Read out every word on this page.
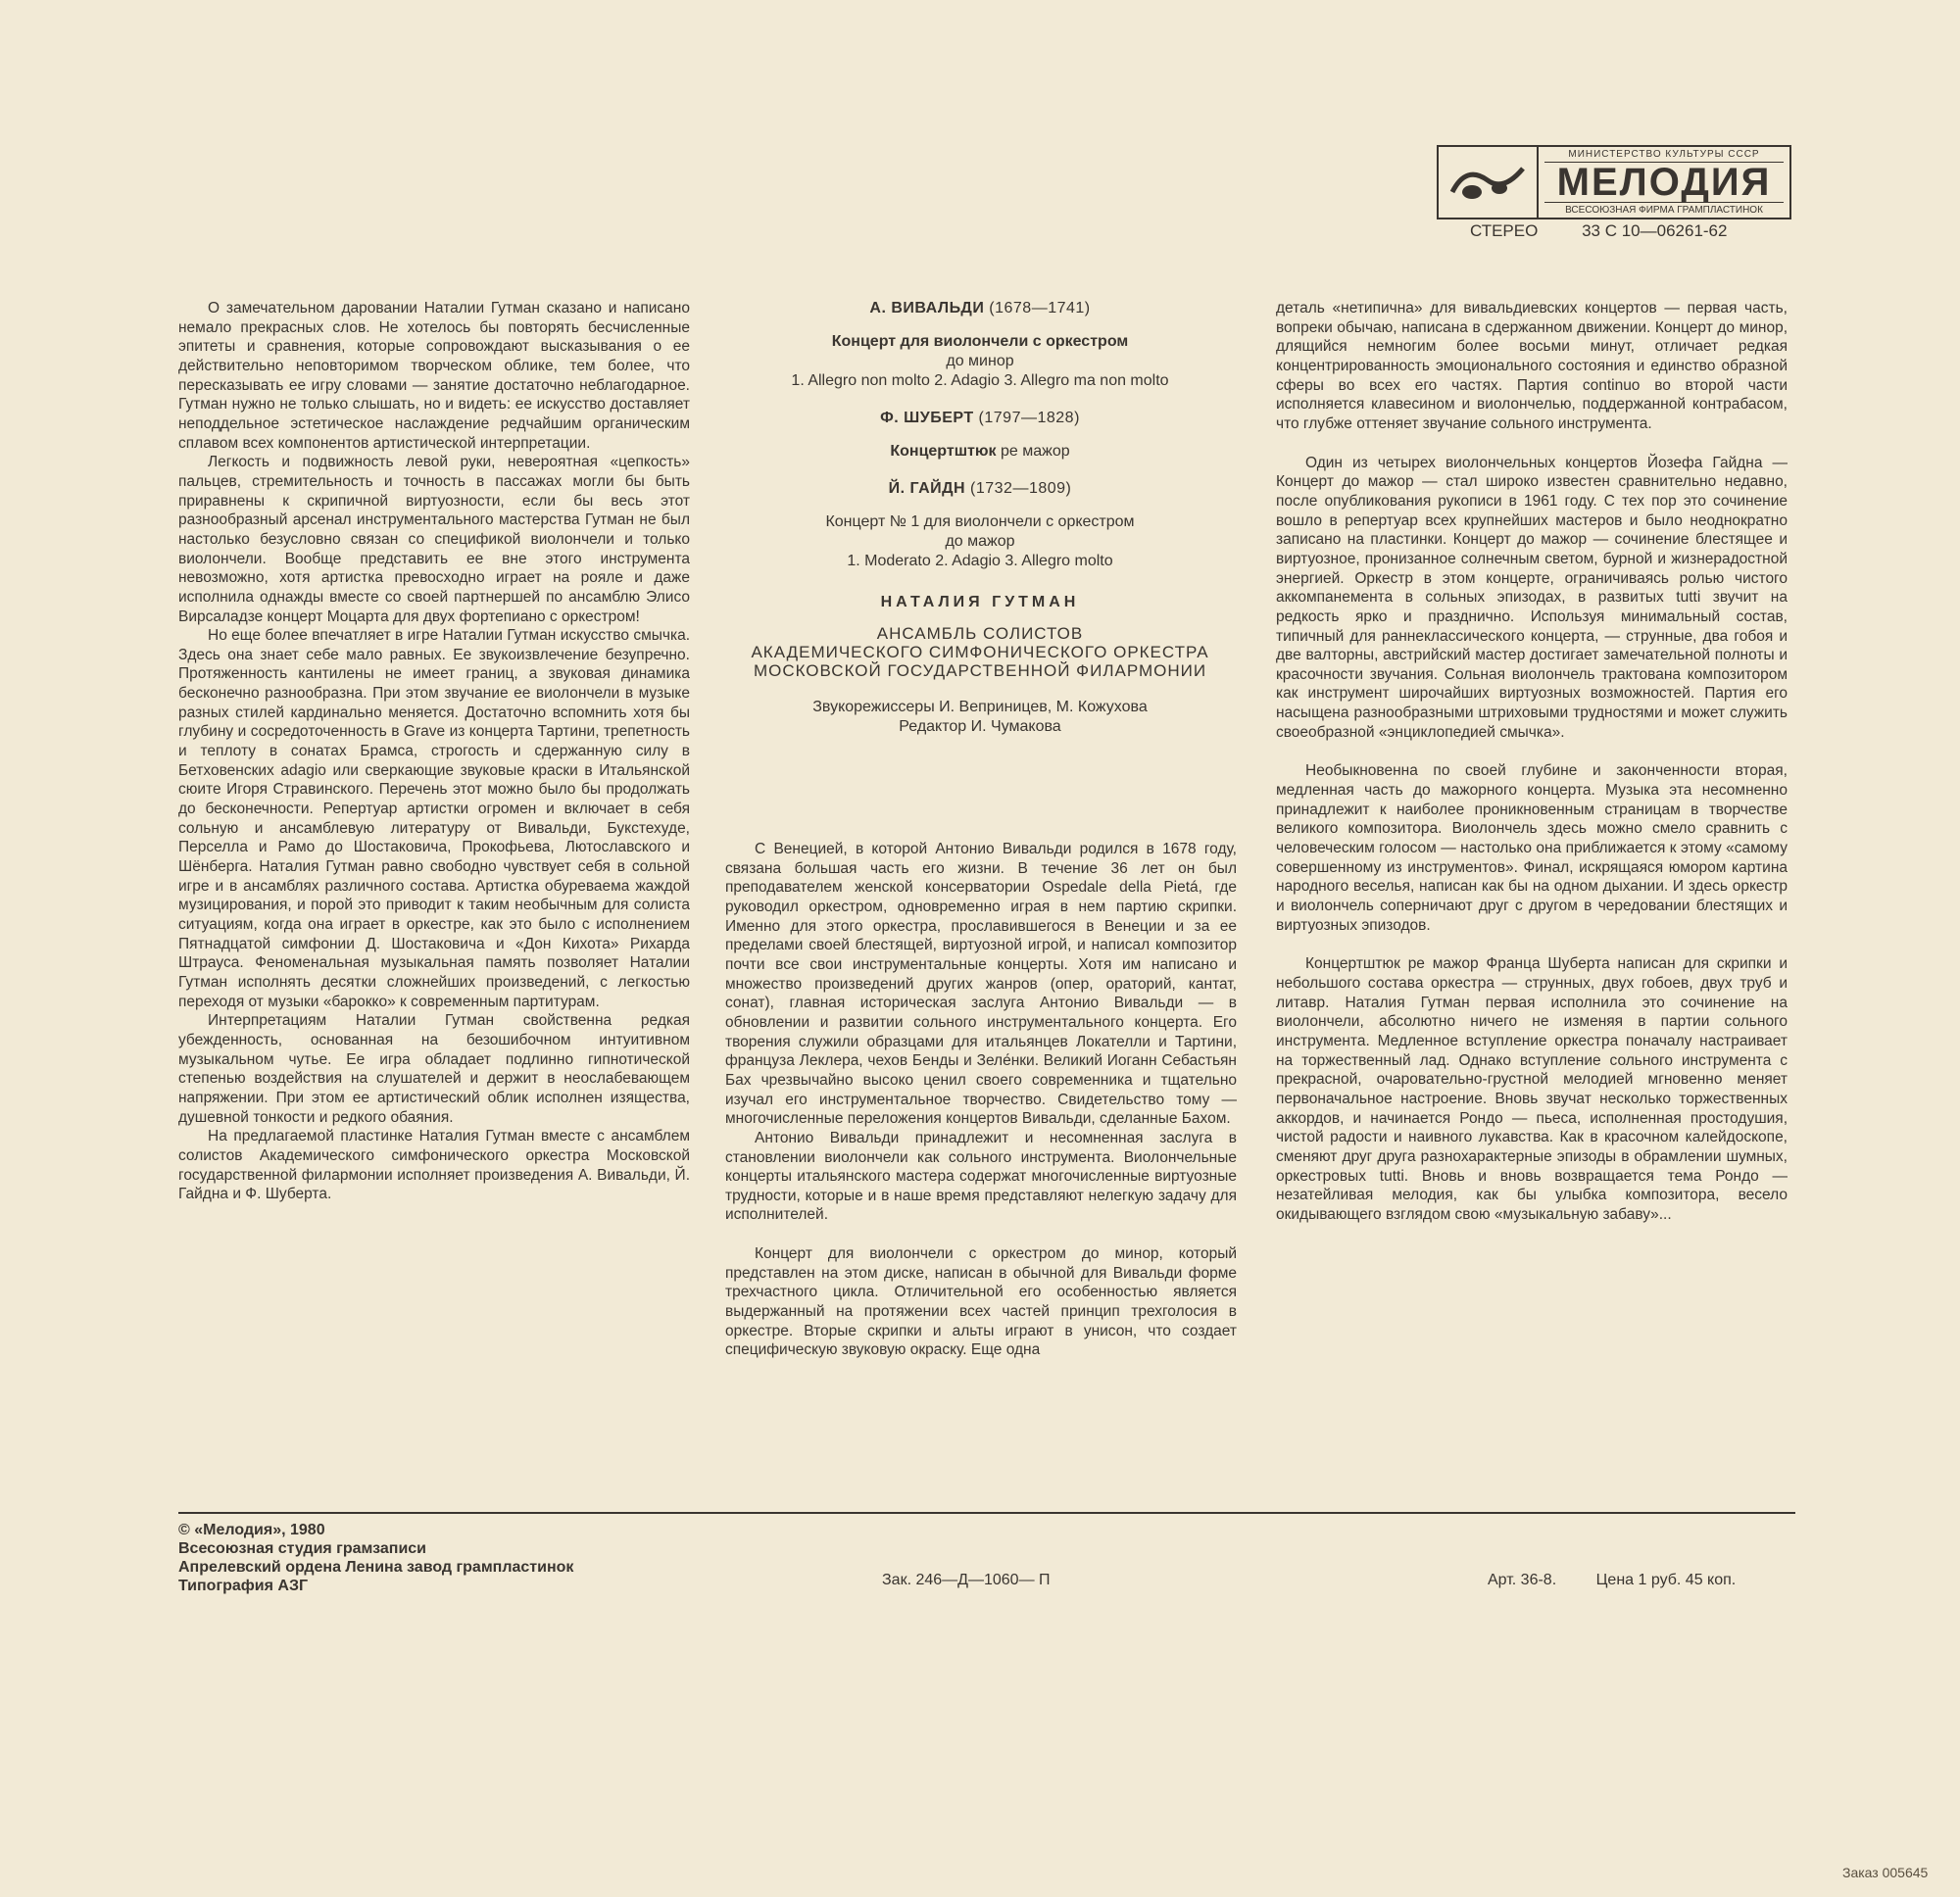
МИНИСТЕРСТВО КУЛЬТУРЫ СССР
МЕЛОДИЯ
ВСЕСОЮЗНАЯ ФИРМА ГРАМПЛАСТИНОК
СТЕРЕО	33 С 10—06261-62

О замечательном даровании Наталии Гутман сказано и написано немало прекрасных слов. Не хотелось бы повторять бесчисленные эпитеты и сравнения, которые сопровождают высказывания о ее действительно неповторимом творческом облике, тем более, что пересказывать ее игру словами — занятие достаточно неблагодарное. Гутман нужно не только слышать, но и видеть: ее искусство доставляет неподдельное эстетическое наслаждение редчайшим органическим сплавом всех компонентов артистической интерпретации.

Легкость и подвижность левой руки, невероятная «цепкость» пальцев, стремительность и точность в пассажах могли бы быть приравнены к скрипичной виртуозности, если бы весь этот разнообразный арсенал инструментального мастерства Гутман не был настолько безусловно связан со спецификой виолончели и только виолончели. Вообще представить ее вне этого инструмента невозможно, хотя артистка превосходно играет на рояле и даже исполнила однажды вместе со своей партнершей по ансамблю Элисо Вирсаладзе концерт Моцарта для двух фортепиано с оркестром!

Но еще более впечатляет в игре Наталии Гутман искусство смычка. Здесь она знает себе мало равных. Ее звукоизвлечение безупречно. Протяженность кантилены не имеет границ, а звуковая динамика бесконечно разнообразна. При этом звучание ее виолончели в музыке разных стилей кардинально меняется. Достаточно вспомнить хотя бы глубину и сосредоточенность в Grave из концерта Тартини, трепетность и теплоту в сонатах Брамса, строгость и сдержанную силу в Бетховенских adagio или сверкающие звуковые краски в Итальянской сюите Игоря Стравинского. Перечень этот можно было бы продолжать до бесконечности. Репертуар артистки огромен и включает в себя сольную и ансамблевую литературу от Вивальди, Букстехуде, Перселла и Рамо до Шостаковича, Прокофьева, Лютославского и Шёнберга. Наталия Гутман равно свободно чувствует себя в сольной игре и в ансамблях различного состава. Артистка обуреваема жаждой музицирования, и порой это приводит к таким необычным для солиста ситуациям, когда она играет в оркестре, как это было с исполнением Пятнадцатой симфонии Д. Шостаковича и «Дон Кихота» Рихарда Штрауса. Феноменальная музыкальная память позволяет Наталии Гутман исполнять десятки сложнейших произведений, с легкостью переходя от музыки «барокко» к современным партитурам.

Интерпретациям Наталии Гутман свойственна редкая убежденность, основанная на безошибочном интуитивном музыкальном чутье. Ее игра обладает подлинно гипнотической степенью воздействия на слушателей и держит в неослабевающем напряжении. При этом ее артистический облик исполнен изящества, душевной тонкости и редкого обаяния.

На предлагаемой пластинке Наталия Гутман вместе с ансамблем солистов Академического симфонического оркестра Московской государственной филармонии исполняет произведения А. Вивальди, Й. Гайдна и Ф. Шуберта.

А. ВИВАЛЬДИ (1678—1741)
Концерт для виолончели с оркестром
до минор
1. Allegro non molto 2. Adagio 3. Allegro ma non molto
Ф. ШУБЕРТ (1797—1828)
Концертштюк ре мажор
Й. ГАЙДН (1732—1809)
Концерт № 1 для виолончели с оркестром
до мажор
1. Moderato 2. Adagio 3. Allegro molto
НАТАЛИЯ ГУТМАН
АНСАМБЛЬ СОЛИСТОВ
АКАДЕМИЧЕСКОГО СИМФОНИЧЕСКОГО ОРКЕСТРА
МОСКОВСКОЙ ГОСУДАРСТВЕННОЙ ФИЛАРМОНИИ
Звукорежиссеры И. Веприницев, М. Кожухова
Редактор И. Чумакова

С Венецией, в которой Антонио Вивальди родился в 1678 году, связана большая часть его жизни. В течение 36 лет он был преподавателем женской консерватории Ospedale della Pietá, где руководил оркестром, одновременно играя в нем партию скрипки. Именно для этого оркестра, прославившегося в Венеции и за ее пределами своей блестящей, виртуозной игрой, и написал композитор почти все свои инструментальные концерты. Хотя им написано и множество произведений других жанров (опер, ораторий, кантат, сонат), главная историческая заслуга Антонио Вивальди — в обновлении и развитии сольного инструментального концерта. Его творения служили образцами для итальянцев Локателли и Тартини, француза Леклера, чехов Бенды и Зеле́нки. Великий Иоганн Себастьян Бах чрезвычайно высоко ценил своего современника и тщательно изучал его инструментальное творчество. Свидетельство тому — многочисленные переложения концертов Вивальди, сделанные Бахом.

Антонио Вивальди принадлежит и несомненная заслуга в становлении виолончели как сольного инструмента. Виолончельные концерты итальянского мастера содержат многочисленные виртуозные трудности, которые и в наше время представляют нелегкую задачу для исполнителей.

Концерт для виолончели с оркестром до минор, который представлен на этом диске, написан в обычной для Вивальди форме трехчастного цикла. Отличительной его особенностью является выдержанный на протяжении всех частей принцип трехголосия в оркестре. Вторые скрипки и альты играют в унисон, что создает специфическую звуковую окраску. Еще одна

деталь «нетипична» для вивальдиевских концертов — первая часть, вопреки обычаю, написана в сдержанном движении. Концерт до минор, длящийся немногим более восьми минут, отличает редкая концентрированность эмоционального состояния и единство образной сферы во всех его частях. Партия continuo во второй части исполняется клавесином и виолончелью, поддержанной контрабасом, что глубже оттеняет звучание сольного инструмента.

Один из четырех виолончельных концертов Йозефа Гайдна — Концерт до мажор — стал широко известен сравнительно недавно, после опубликования рукописи в 1961 году. С тех пор это сочинение вошло в репертуар всех крупнейших мастеров и было неоднократно записано на пластинки. Концерт до мажор — сочинение блестящее и виртуозное, пронизанное солнечным светом, бурной и жизнерадостной энергией. Оркестр в этом концерте, ограничиваясь ролью чистого аккомпанемента в сольных эпизодах, в развитых tutti звучит на редкость ярко и празднично. Используя минимальный состав, типичный для раннеклассического концерта, — струнные, два гобоя и две валторны, австрийский мастер достигает замечательной полноты и красочности звучания. Сольная виолончель трактована композитором как инструмент широчайших виртуозных возможностей. Партия его насыщена разнообразными штриховыми трудностями и может служить своеобразной «энциклопедией смычка».

Необыкновенна по своей глубине и законченности вторая, медленная часть до мажорного концерта. Музыка эта несомненно принадлежит к наиболее проникновенным страницам в творчестве великого композитора. Виолончель здесь можно смело сравнить с человеческим голосом — настолько она приближается к этому «самому совершенному из инструментов». Финал, искрящаяся юмором картина народного веселья, написан как бы на одном дыхании. И здесь оркестр и виолончель соперничают друг с другом в чередовании блестящих и виртуозных эпизодов.

Концертштюк ре мажор Франца Шуберта написан для скрипки и небольшого состава оркестра — струнных, двух гобоев, двух труб и литавр. Наталия Гутман первая исполнила это сочинение на виолончели, абсолютно ничего не изменяя в партии сольного инструмента. Медленное вступление оркестра поначалу настраивает на торжественный лад. Однако вступление сольного инструмента с прекрасной, очаровательно-грустной мелодией мгновенно меняет первоначальное настроение. Вновь звучат несколько торжественных аккордов, и начинается Рондо — пьеса, исполненная простодушия, чистой радости и наивного лукавства. Как в красочном калейдоскопе, сменяют друг друга разнохарактерные эпизоды в обрамлении шумных, оркестровых tutti. Вновь и вновь возвращается тема Рондо — незатейливая мелодия, как бы улыбка композитора, весело окидывающего взглядом свою «музыкальную забаву»...

© «Мелодия», 1980
Всесоюзная студия грамзаписи
Апрелевский ордена Ленина завод грампластинок
Типография АЗГ	Зак. 246—Д—1060— П	Арт. 36-8.	Цена 1 руб. 45 коп.
Заказ 005645
